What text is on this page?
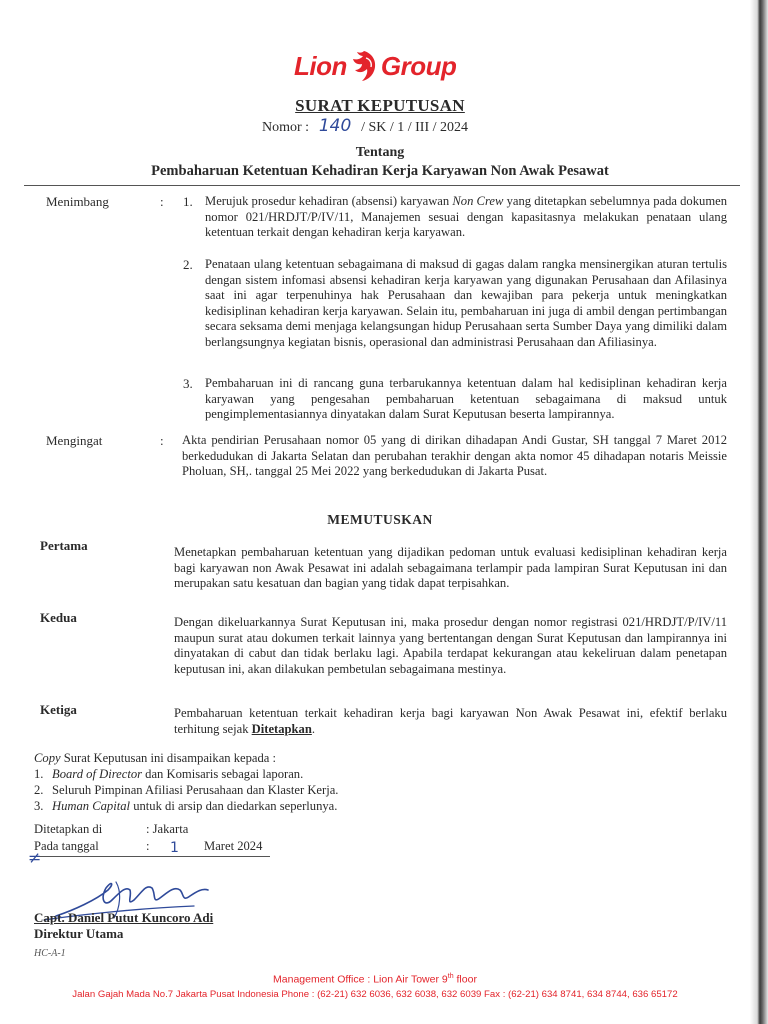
Lion Group
SURAT KEPUTUSAN
Nomor : 140 / SK / 1 / III / 2024
Tentang
Pembaharuan Ketentuan Kehadiran Kerja Karyawan Non Awak Pesawat
Menimbang	: 1. Merujuk prosedur kehadiran (absensi) karyawan Non Crew yang ditetapkan sebelumnya pada dokumen nomor 021/HRDJT/P/IV/11, Manajemen sesuai dengan kapasitasnya melakukan penataan ulang ketentuan terkait dengan kehadiran kerja karyawan.
2. Penataan ulang ketentuan sebagaimana di maksud di gagas dalam rangka mensinergikan aturan tertulis dengan sistem infomasi absensi kehadiran kerja karyawan yang digunakan Perusahaan dan Afilasinya saat ini agar terpenuhinya hak Perusahaan dan kewajiban para pekerja untuk meningkatkan kedisiplinan kehadiran kerja karyawan. Selain itu, pembaharuan ini juga di ambil dengan pertimbangan secara seksama demi menjaga kelangsungan hidup Perusahaan serta Sumber Daya yang dimiliki dalam berlangsungnya kegiatan bisnis, operasional dan administrasi Perusahaan dan Afiliasinya.
3. Pembaharuan ini di rancang guna terbarukannya ketentuan dalam hal kedisiplinan kehadiran kerja karyawan yang pengesahan pembaharuan ketentuan sebagaimana di maksud untuk pengimplementasiannya dinyatakan dalam Surat Keputusan beserta lampirannya.
Mengingat	: Akta pendirian Perusahaan nomor 05 yang di dirikan dihadapan Andi Gustar, SH tanggal 7 Maret 2012 berkedudukan di Jakarta Selatan dan perubahan terakhir dengan akta nomor 45 dihadapan notaris Meissie Pholuan, SH,. tanggal 25 Mei 2022 yang berkedudukan di Jakarta Pusat.
MEMUTUSKAN
Pertama	Menetapkan pembaharuan ketentuan yang dijadikan pedoman untuk evaluasi kedisiplinan kehadiran kerja bagi karyawan non Awak Pesawat ini adalah sebagaimana terlampir pada lampiran Surat Keputusan ini dan merupakan satu kesatuan dan bagian yang tidak dapat terpisahkan.
Kedua	Dengan dikeluarkannya Surat Keputusan ini, maka prosedur dengan nomor registrasi 021/HRDJT/P/IV/11 maupun surat atau dokumen terkait lainnya yang bertentangan dengan Surat Keputusan dan lampirannya ini dinyatakan di cabut dan tidak berlaku lagi. Apabila terdapat kekurangan atau kekeliruan dalam penetapan keputusan ini, akan dilakukan pembetulan sebagaimana mestinya.
Ketiga	Pembaharuan ketentuan terkait kehadiran kerja bagi karyawan Non Awak Pesawat ini, efektif berlaku terhitung sejak Ditetapkan.
Copy
Surat Keputusan ini disampaikan kepada :
1. Board of Director dan Komisaris sebagai laporan.
2. Seluruh Pimpinan Afiliasi Perusahaan dan Klaster Kerja.
3. Human Capital untuk di arsip dan diedarkan seperlunya.
Ditetapkan di	: Jakarta
Pada tanggal	: 1 Maret 2024
≠
Capt. Daniel Putut Kuncoro Adi
Direktur Utama
HC-A-1
Management Office : Lion Air Tower 9th floor
Jalan Gajah Mada No.7 Jakarta Pusat Indonesia Phone : (62-21) 632 6036, 632 6038, 632 6039 Fax : (62-21) 634 8741, 634 8744, 636 65172
